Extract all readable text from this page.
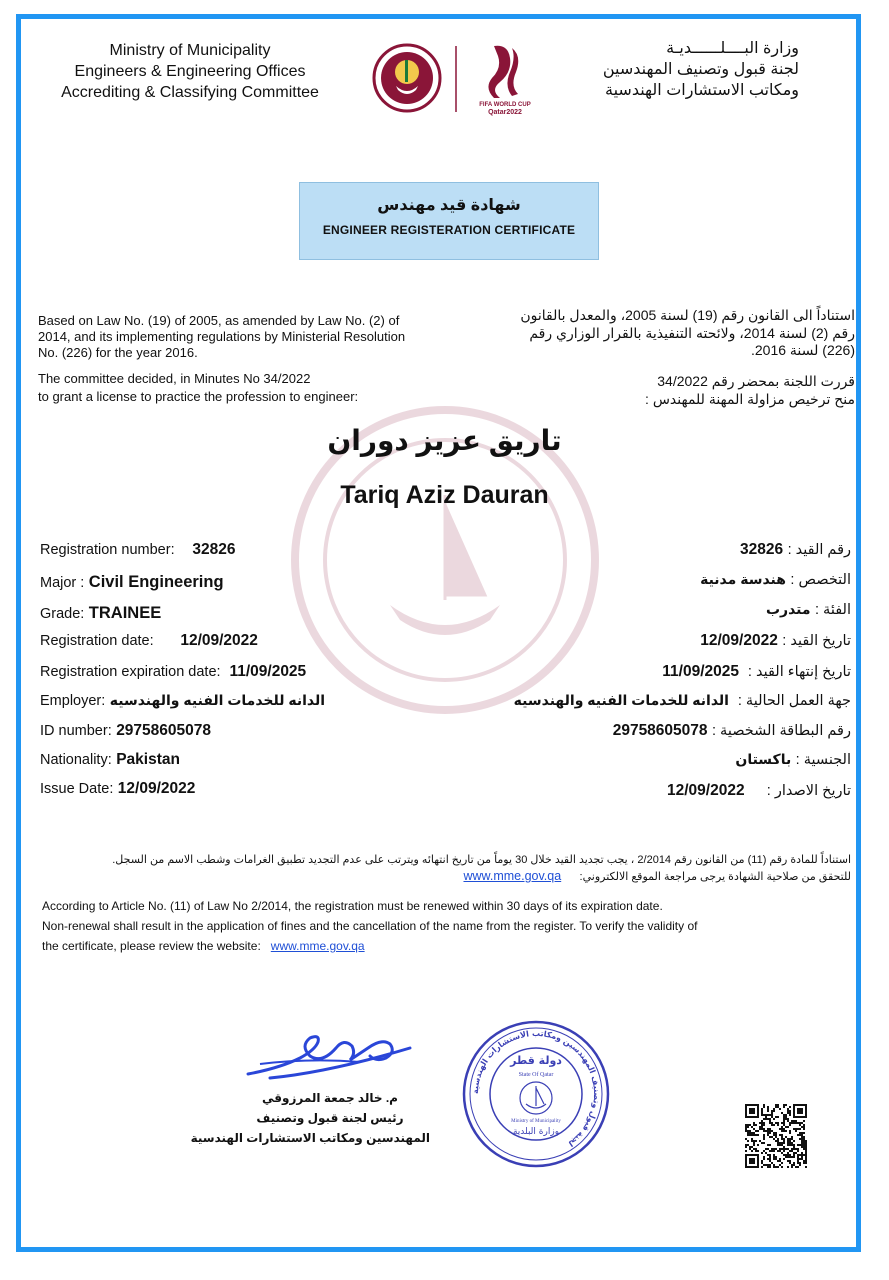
Ministry of Municipality
Engineers & Engineering Offices
Accrediting & Classifying Committee
FIFA WORLD CUP
Qatar2022
وزارة البــــلــــــديـة
لجنة قبول وتصنيف المهندسين
ومكاتب الاستشارات الهندسية
شهادة قيد مهندس
ENGINEER REGISTERATION CERTIFICATE
Based on Law No. (19) of 2005, as amended by Law No. (2) of 2014, and its implementing regulations by Ministerial Resolution No. (226) for the year 2016.
The committee decided, in Minutes No 34/2022
to grant a license to practice the profession to engineer:
استناداً الى القانون رقم (19) لسنة 2005، والمعدل بالقانون رقم (2) لسنة 2014، ولائحته التنفيذية بالقرار الوزاري رقم (226) لسنة 2016.
قررت اللجنة بمحضر رقم 34/2022
منح ترخيص مزاولة المهنة للمهندس :
تاريق عزيز دوران
Tariq Aziz Dauran
Registration number: 32826
Major : Civil Engineering
Grade: TRAINEE
Registration date: 12/09/2022
Registration expiration date: 11/09/2025
Employer: الدانه للخدمات الفنيه والهندسيه
ID number: 29758605078
Nationality: Pakistan
Issue Date: 12/09/2022
رقم القيد : 32826
التخصص : هندسة مدنية
الفئة : متدرب
تاريخ القيد : 12/09/2022
تاريخ إنتهاء القيد :  11/09/2025
جهة العمل الحالية :  الدانه للخدمات الفنيه والهندسيه
رقم البطاقة الشخصية : 29758605078
الجنسية : باكستان
تاريخ الاصدار :     12/09/2022
استناداً للمادة رقم (11) من القانون رقم 2/2014 ، يجب تجديد القيد خلال 30 يوماً من تاريخ انتهائه ويترتب على عدم التجديد تطبيق الغرامات وشطب الاسم من السجل.
للتحقق من صلاحية الشهادة يرجى مراجعة الموقع الالكتروني:      www.mme.gov.qa
According to Article No. (11) of Law No 2/2014, the registration must be renewed within 30 days of its expiration date.
Non-renewal shall result in the application of fines and the cancellation of the name from the register. To verify the validity of
the certificate, please review the website: www.mme.gov.qa
م. خالد جمعة المرزوقي
رئيس لجنة قبول وتصنيف
المهندسين ومكاتب الاستشارات الهندسية
لجنة قبول وتصنيف المهندسين ومكاتب الاستشارات الهندسية
دولة قطر
State Of Qatar
Ministry of Municipality
وزارة البلدية
